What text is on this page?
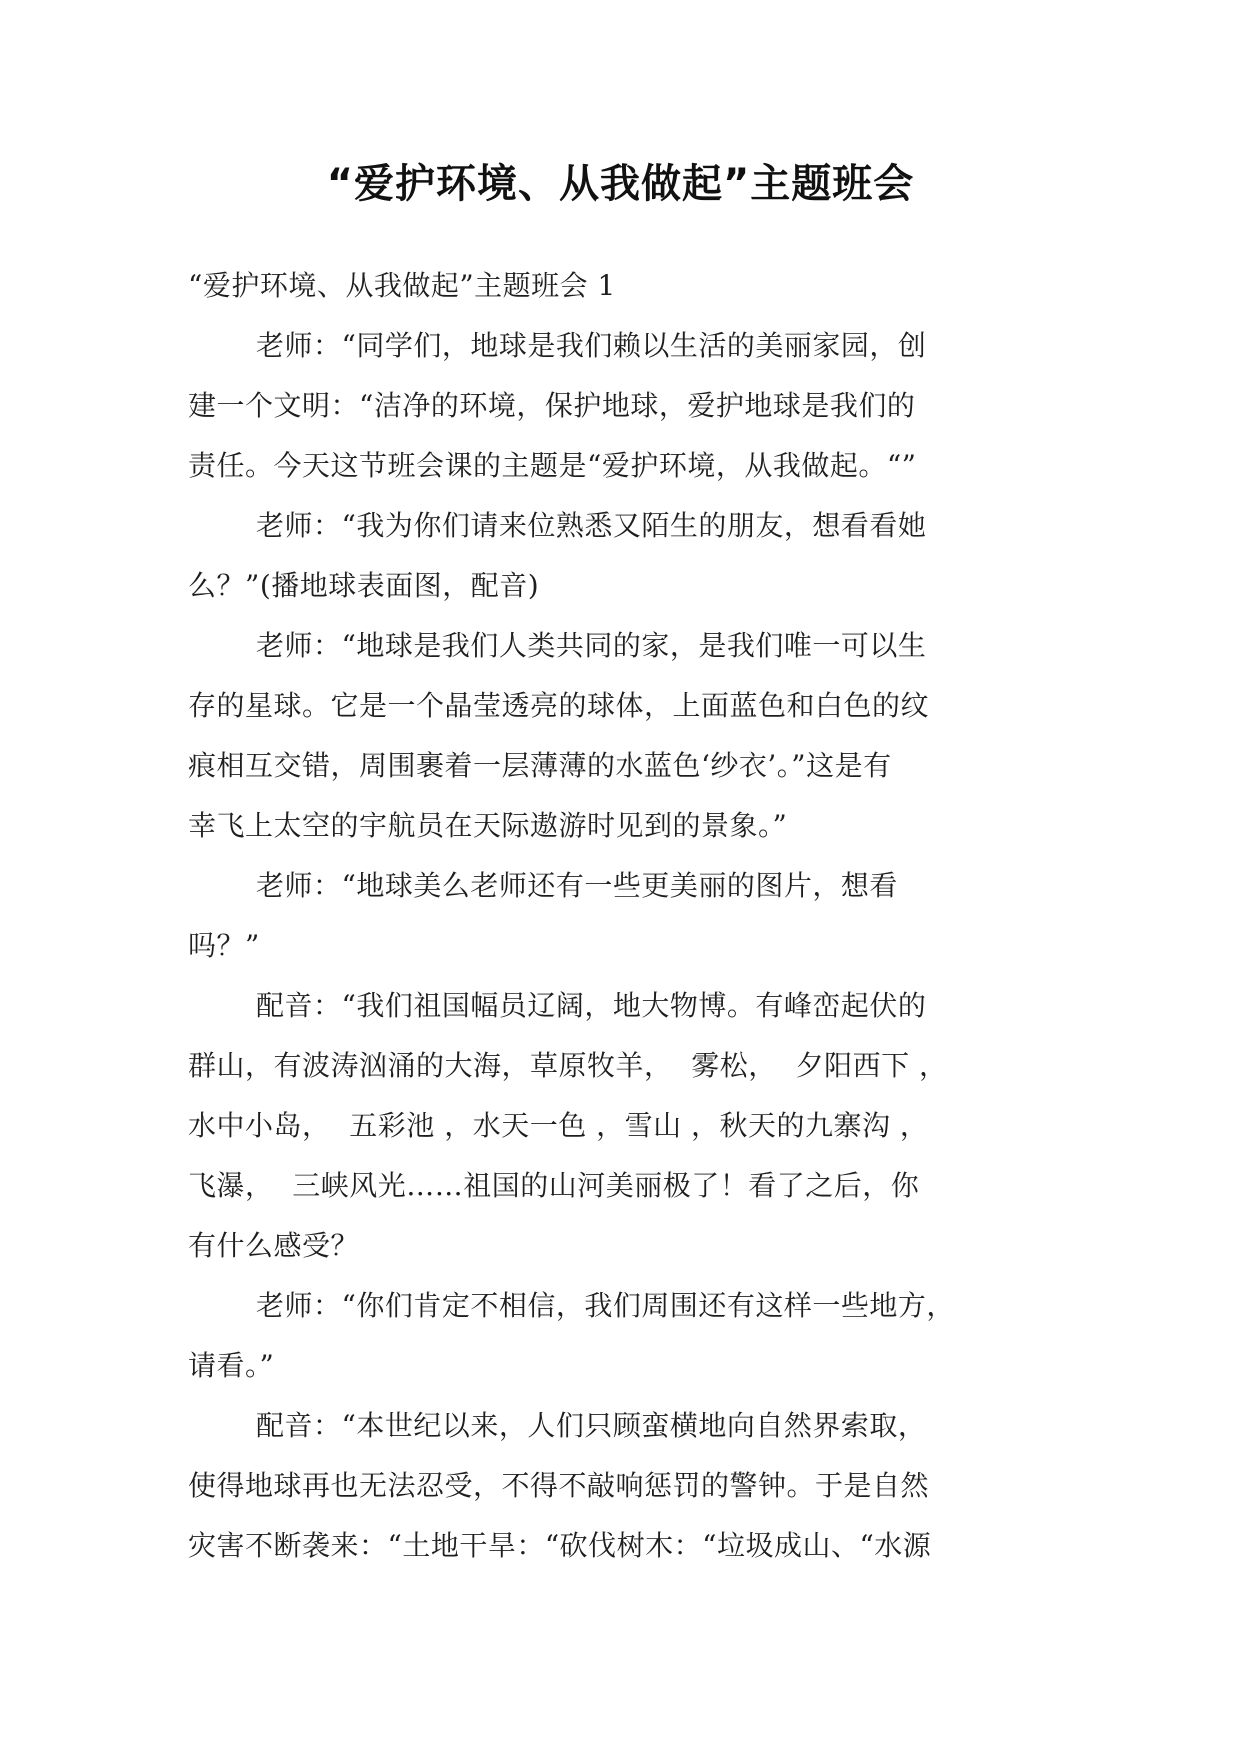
“爱护环境、从我做起”主题班会
“爱护环境、从我做起”主题班会 1
老师：“同学们，地球是我们赖以生活的美丽家园，创
建一个文明：“洁净的环境，保护地球，爱护地球是我们的
责任。今天这节班会课的主题是“爱护环境，从我做起。“”
老师：“我为你们请来位熟悉又陌生的朋友，想看看她
么？”(播地球表面图，配音)
老师：“地球是我们人类共同的家，是我们唯一可以生
存的星球。它是一个晶莹透亮的球体，上面蓝色和白色的纹
痕相互交错，周围裹着一层薄薄的水蓝色‘纱衣’。”这是有
幸飞上太空的宇航员在天际遨游时见到的景象。”
老师：“地球美么老师还有一些更美丽的图片，想看
吗？”
配音：“我们祖国幅员辽阔，地大物博。有峰峦起伏的
群山，有波涛汹涌的大海，草原牧羊，  雾松，  夕阳西下 ，
水中小岛，  五彩池 ，水天一色 ，雪山 ，秋天的九寨沟 ，
飞瀑，  三峡风光……祖国的山河美丽极了！看了之后，你
有什么感受？
老师：“你们肯定不相信，我们周围还有这样一些地方，
请看。”
配音：“本世纪以来，人们只顾蛮横地向自然界索取，
使得地球再也无法忍受，不得不敲响惩罚的警钟。于是自然
灾害不断袭来：“土地干旱：“砍伐树木：“垃圾成山、“水源
